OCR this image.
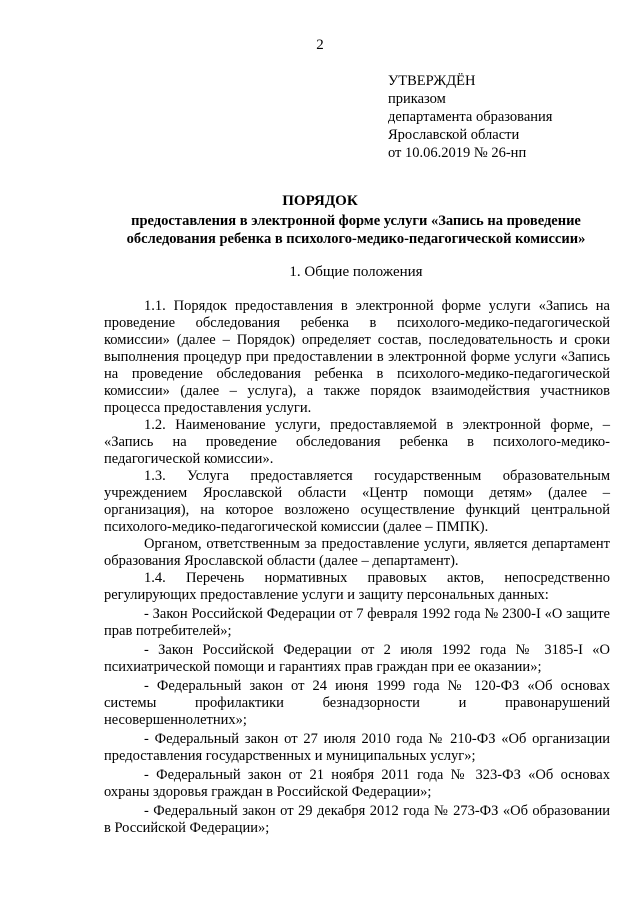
2
УТВЕРЖДЁН
приказом
департамента образования
Ярославской области
от 10.06.2019 № 26-нп
ПОРЯДОК
предоставления в электронной форме услуги «Запись на проведение обследования ребенка в психолого-медико-педагогической комиссии»
1. Общие положения

1.1. Порядок предоставления в электронной форме услуги «Запись на проведение обследования ребенка в психолого-медико-педагогической комиссии» (далее – Порядок) определяет состав, последовательность и сроки выполнения процедур при предоставлении в электронной форме услуги «Запись на проведение обследования ребенка в психолого-медико-педагогической комиссии» (далее – услуга), а также порядок взаимодействия участников процесса предоставления услуги.

1.2. Наименование услуги, предоставляемой в электронной форме, – «Запись на проведение обследования ребенка в психолого-медико-педагогической комиссии».

1.3. Услуга предоставляется государственным образовательным учреждением Ярославской области «Центр помощи детям» (далее – организация), на которое возложено осуществление функций центральной психолого-медико-педагогической комиссии (далее – ПМПК).

Органом, ответственным за предоставление услуги, является департамент образования Ярославской области (далее – департамент).

1.4. Перечень нормативных правовых актов, непосредственно регулирующих предоставление услуги и защиту персональных данных:

- Закон Российской Федерации от 7 февраля 1992 года № 2300-I «О защите прав потребителей»;

- Закон Российской Федерации от 2 июля 1992 года № 3185-I «О психиатрической помощи и гарантиях прав граждан при ее оказании»;

- Федеральный закон от 24 июня 1999 года № 120-ФЗ «Об основах системы профилактики безнадзорности и правонарушений несовершеннолетних»;

- Федеральный закон от 27 июля 2010 года № 210-ФЗ «Об организации предоставления государственных и муниципальных услуг»;

- Федеральный закон от 21 ноября 2011 года № 323-ФЗ «Об основах охраны здоровья граждан в Российской Федерации»;

- Федеральный закон от 29 декабря 2012 года № 273-ФЗ «Об образовании в Российской Федерации»;
